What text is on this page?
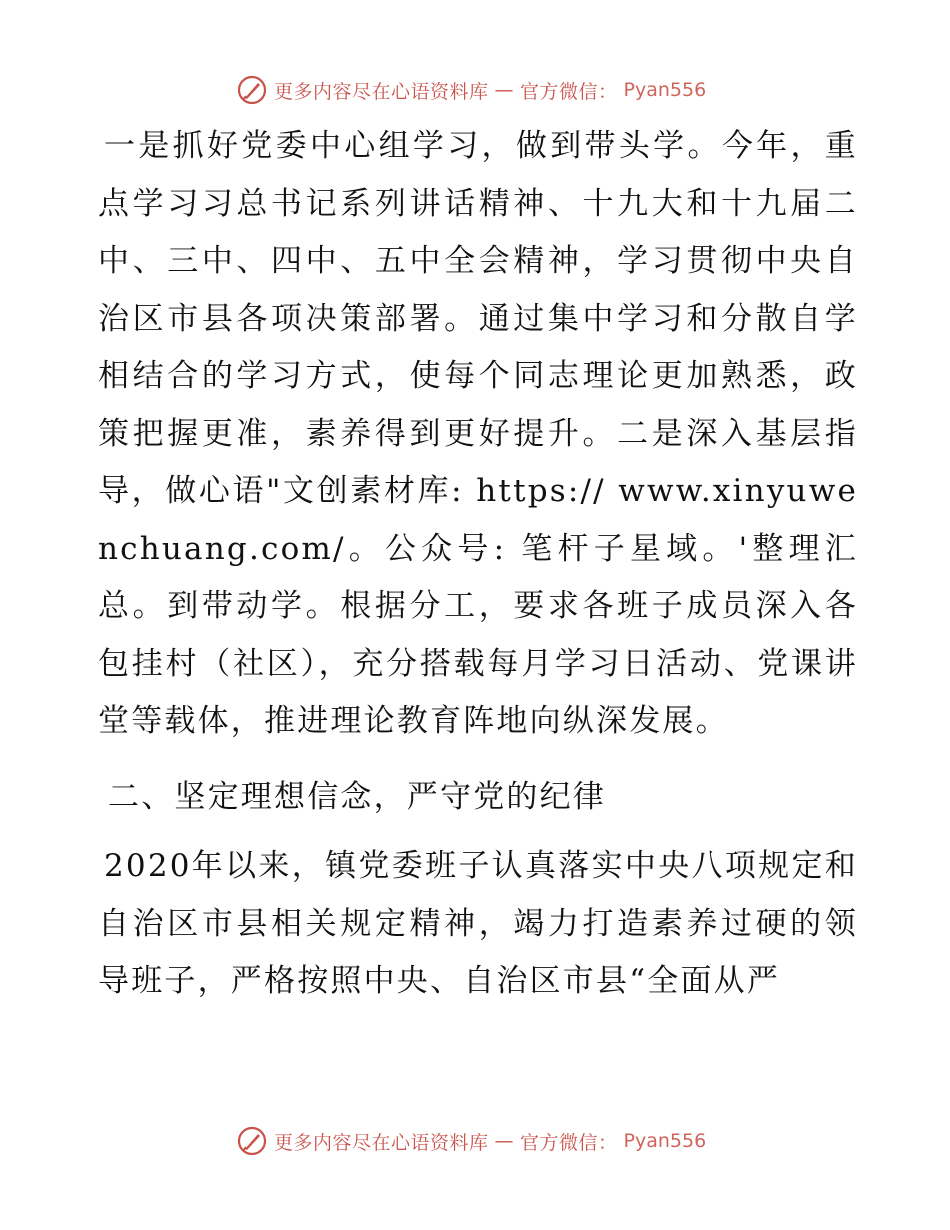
更多内容尽在心语资料库 — 官方微信： Pyan556

一是抓好党委中心组学习，做到带头学。今年，重点学习习总书记系列讲话精神、十九大和十九届二中、三中、四中、五中全会精神，学习贯彻中央自治区市县各项决策部署。通过集中学习和分散自学相结合的学习方式，使每个同志理论更加熟悉，政策把握更准，素养得到更好提升。二是深入基层指导，做心语"文创素材库: https:// www.xinyuwenchuang.com/。公众号: 笔杆子星域。'整理汇总。到带动学。根据分工，要求各班子成员深入各包挂村（社区），充分搭载每月学习日活动、党课讲堂等载体，推进理论教育阵地向纵深发展。

二、坚定理想信念，严守党的纪律

2020年以来，镇党委班子认真落实中央八项规定和自治区市县相关规定精神，竭力打造素养过硬的领导班子，严格按照中央、自治区市县“全面从严

更多内容尽在心语资料库 — 官方微信： Pyan556
